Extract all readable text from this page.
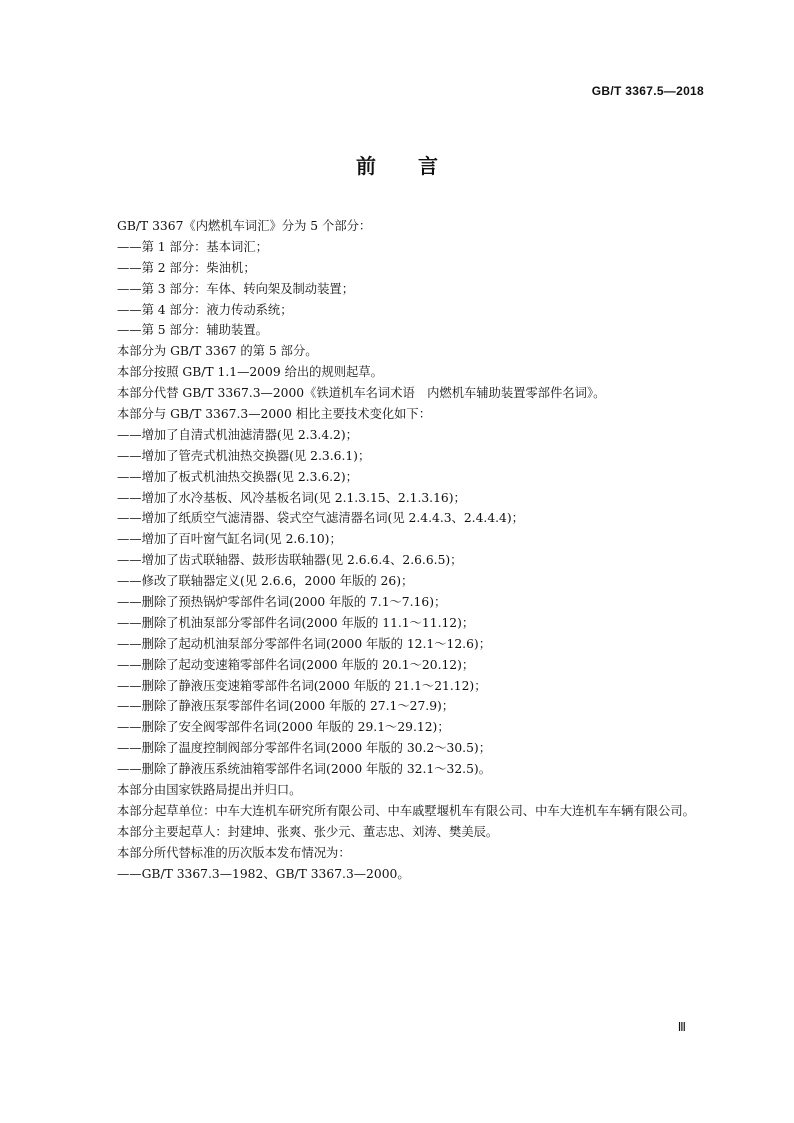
GB/T 3367.5—2018
前言
GB/T 3367《内燃机车词汇》分为 5 个部分：
——第 1 部分：基本词汇；
——第 2 部分：柴油机；
——第 3 部分：车体、转向架及制动装置；
——第 4 部分：液力传动系统；
——第 5 部分：辅助装置。
本部分为 GB/T 3367 的第 5 部分。
本部分按照 GB/T 1.1—2009 给出的规则起草。
本部分代替 GB/T 3367.3—2000《铁道机车名词术语　内燃机车辅助装置零部件名词》。
本部分与 GB/T 3367.3—2000 相比主要技术变化如下：
——增加了自清式机油滤清器(见 2.3.4.2)；
——增加了管壳式机油热交换器(见 2.3.6.1)；
——增加了板式机油热交换器(见 2.3.6.2)；
——增加了水冷基板、风冷基板名词(见 2.1.3.15、2.1.3.16)；
——增加了纸质空气滤清器、袋式空气滤清器名词(见 2.4.4.3、2.4.4.4)；
——增加了百叶窗气缸名词(见 2.6.10)；
——增加了齿式联轴器、鼓形齿联轴器(见 2.6.6.4、2.6.6.5)；
——修改了联轴器定义(见 2.6.6，2000 年版的 26)；
——删除了预热锅炉零部件名词(2000 年版的 7.1～7.16)；
——删除了机油泵部分零部件名词(2000 年版的 11.1～11.12)；
——删除了起动机油泵部分零部件名词(2000 年版的 12.1～12.6)；
——删除了起动变速箱零部件名词(2000 年版的 20.1～20.12)；
——删除了静液压变速箱零部件名词(2000 年版的 21.1～21.12)；
——删除了静液压泵零部件名词(2000 年版的 27.1～27.9)；
——删除了安全阀零部件名词(2000 年版的 29.1～29.12)；
——删除了温度控制阀部分零部件名词(2000 年版的 30.2～30.5)；
——删除了静液压系统油箱零部件名词(2000 年版的 32.1～32.5)。
本部分由国家铁路局提出并归口。
本部分起草单位：中车大连机车研究所有限公司、中车戚墅堰机车有限公司、中车大连机车车辆有限公司。
本部分主要起草人：封建坤、张爽、张少元、董志忠、刘涛、樊美辰。
本部分所代替标准的历次版本发布情况为：
——GB/T 3367.3—1982、GB/T 3367.3—2000。
Ⅲ
